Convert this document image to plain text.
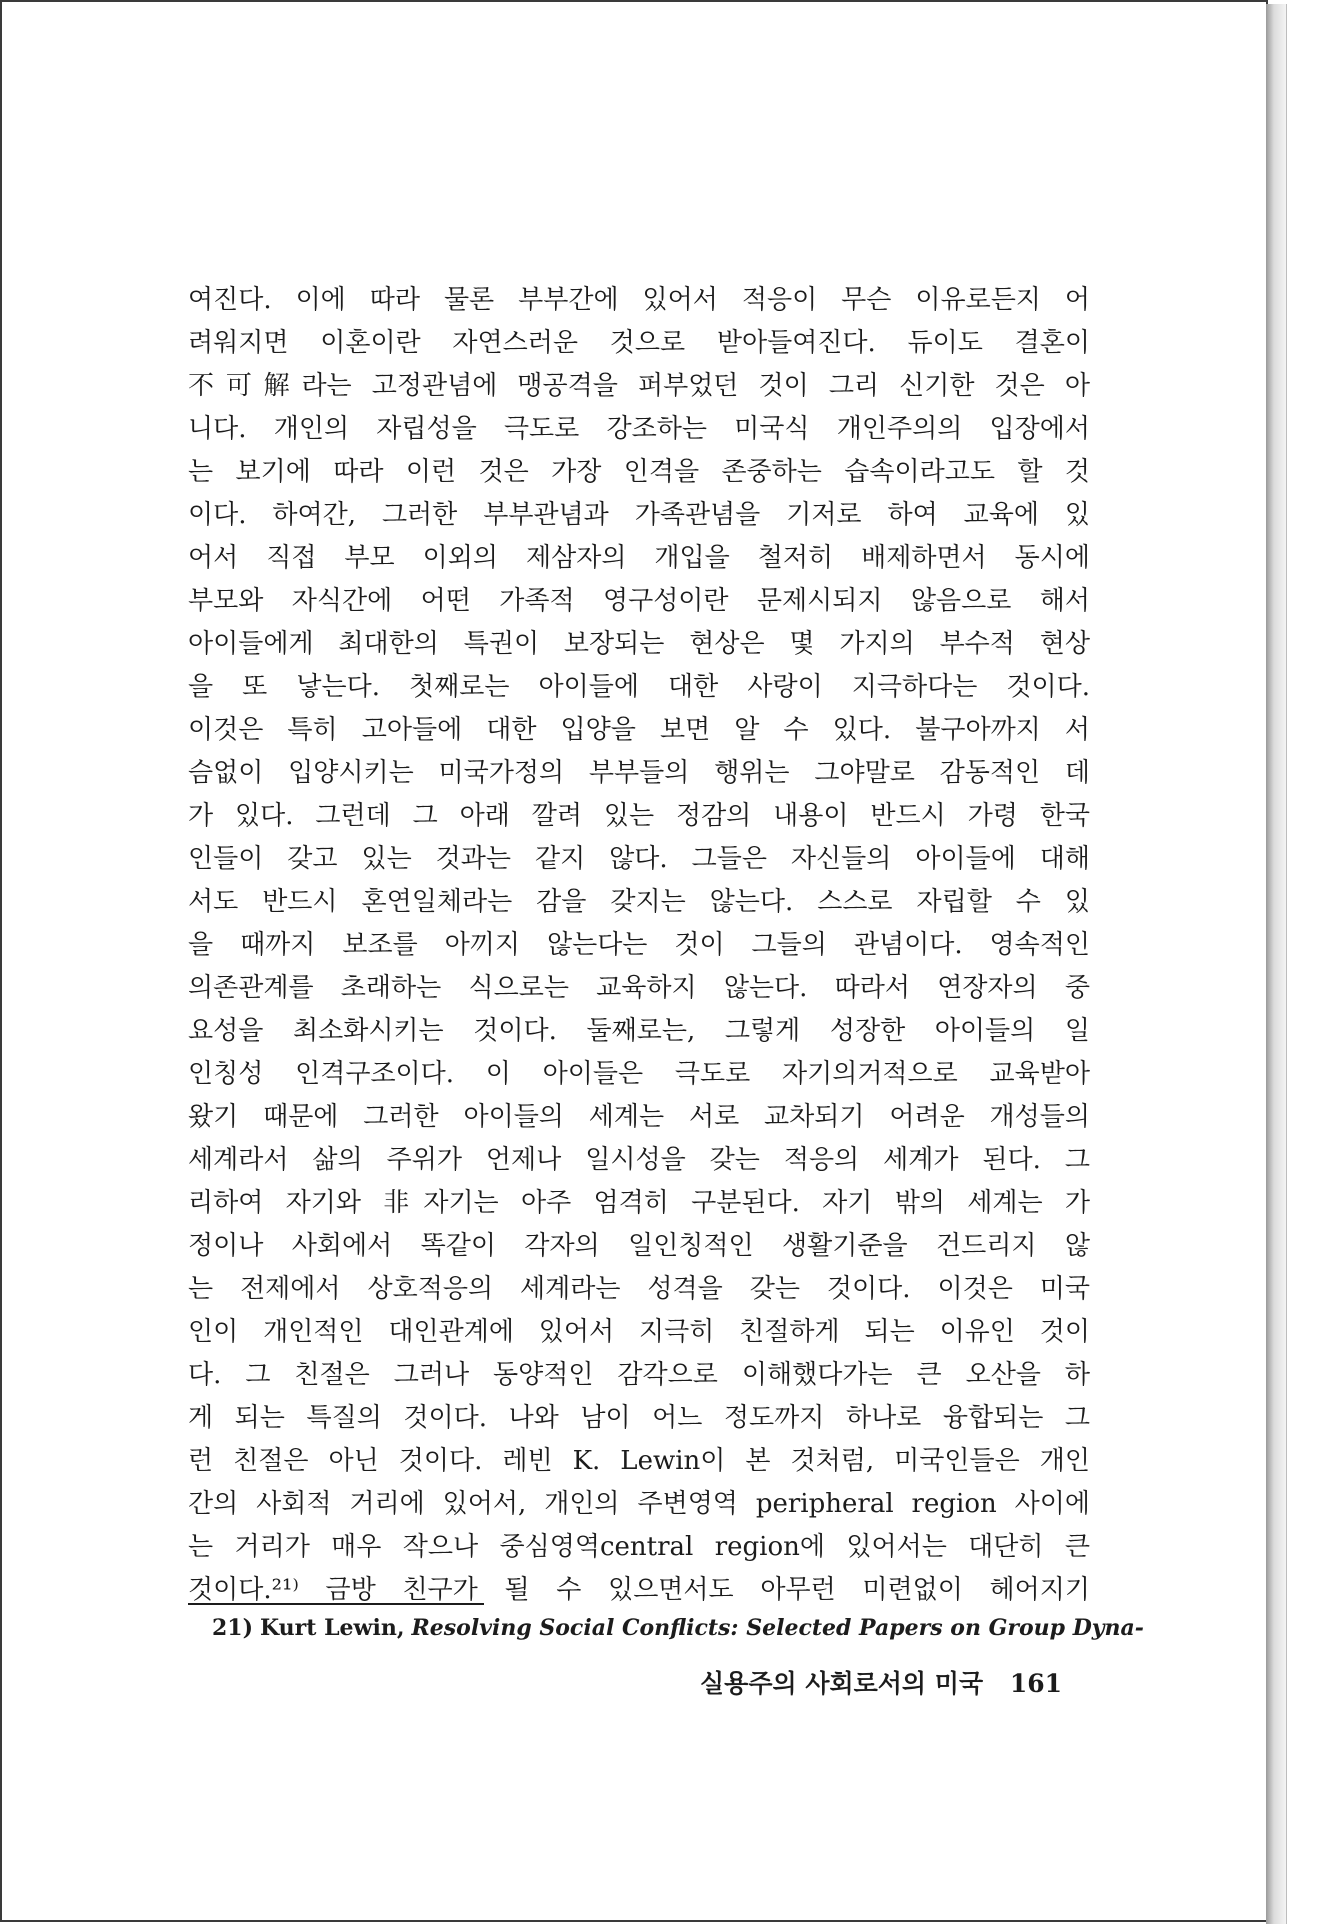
여진다. 이에 따라 물론 부부간에 있어서 적응이 무슨 이유로든지 어
려워지면 이혼이란 자연스러운 것으로 받아들여진다. 듀이도 결혼이
不可解라는 고정관념에 맹공격을 퍼부었던 것이 그리 신기한 것은 아
니다. 개인의 자립성을 극도로 강조하는 미국식 개인주의의 입장에서
는 보기에 따라 이런 것은 가장 인격을 존중하는 습속이라고도 할 것
이다. 하여간, 그러한 부부관념과 가족관념을 기저로 하여 교육에 있
어서 직접 부모 이외의 제삼자의 개입을 철저히 배제하면서 동시에
부모와 자식간에 어떤 가족적 영구성이란 문제시되지 않음으로 해서
아이들에게 최대한의 특권이 보장되는 현상은 몇 가지의 부수적 현상
을 또 낳는다. 첫째로는 아이들에 대한 사랑이 지극하다는 것이다.
이것은 특히 고아들에 대한 입양을 보면 알 수 있다. 불구아까지 서
슴없이 입양시키는 미국가정의 부부들의 행위는 그야말로 감동적인 데
가 있다. 그런데 그 아래 깔려 있는 정감의 내용이 반드시 가령 한국
인들이 갖고 있는 것과는 같지 않다. 그들은 자신들의 아이들에 대해
서도 반드시 혼연일체라는 감을 갖지는 않는다. 스스로 자립할 수 있
을 때까지 보조를 아끼지 않는다는 것이 그들의 관념이다. 영속적인
의존관계를 초래하는 식으로는 교육하지 않는다. 따라서 연장자의 중
요성을 최소화시키는 것이다. 둘째로는, 그렇게 성장한 아이들의 일
인칭성 인격구조이다. 이 아이들은 극도로 자기의거적으로 교육받아
왔기 때문에 그러한 아이들의 세계는 서로 교차되기 어려운 개성들의
세계라서 삶의 주위가 언제나 일시성을 갖는 적응의 세계가 된다. 그
리하여 자기와 非자기는 아주 엄격히 구분된다. 자기 밖의 세계는 가
정이나 사회에서 똑같이 각자의 일인칭적인 생활기준을 건드리지 않
는 전제에서 상호적응의 세계라는 성격을 갖는 것이다. 이것은 미국
인이 개인적인 대인관계에 있어서 지극히 친절하게 되는 이유인 것이
다. 그 친절은 그러나 동양적인 감각으로 이해했다가는 큰 오산을 하
게 되는 특질의 것이다. 나와 남이 어느 정도까지 하나로 융합되는 그
런 친절은 아닌 것이다. 레빈 K. Lewin이 본 것처럼, 미국인들은 개인
간의 사회적 거리에 있어서, 개인의 주변영역 peripheral region 사이에
는 거리가 매우 작으나 중심영역central region에 있어서는 대단히 큰
것이다.²¹⁾ 금방 친구가 될 수 있으면서도 아무런 미련없이 헤어지기
21) Kurt Lewin, Resolving Social Conflicts: Selected Papers on Group Dyna-
실용주의 사회로서의 미국 161
